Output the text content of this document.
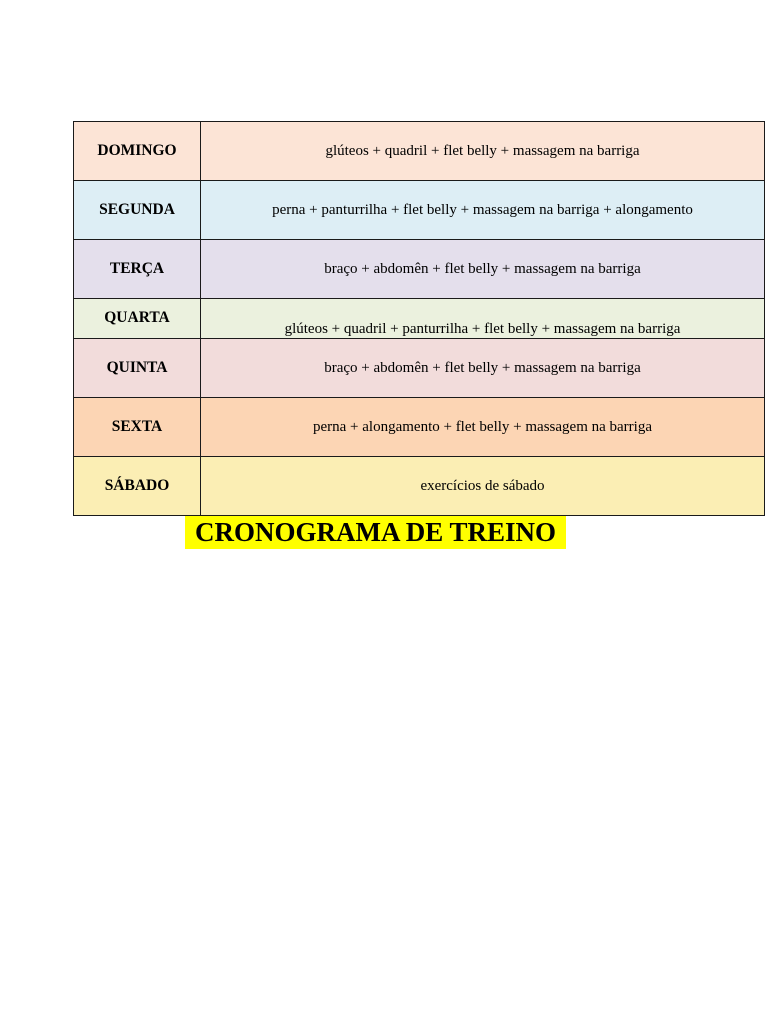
DOMINGO	glúteos + quadril + flet belly + massagem na barriga
SEGUNDA	perna + panturrilha + flet belly + massagem na barriga + alongamento
TERÇA	braço + abdomên + flet belly + massagem na barriga
QUARTA	glúteos + quadril + panturrilha + flet belly + massagem na barriga
QUINTA	braço + abdomên + flet belly + massagem na barriga
SEXTA	perna + alongamento + flet belly + massagem na barriga
SÁBADO	exercícios de sábado
CRONOGRAMA DE TREINO
